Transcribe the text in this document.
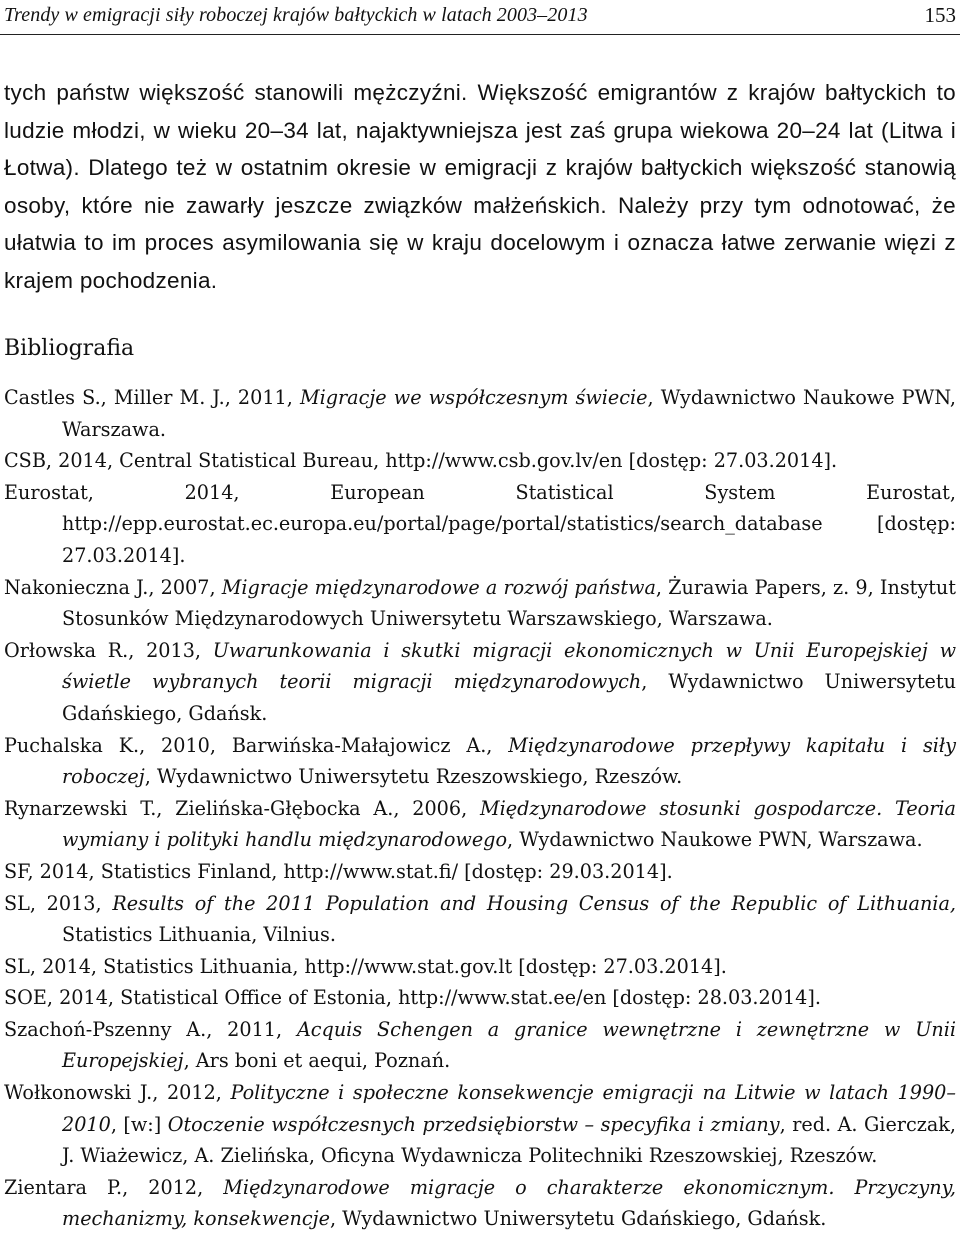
Trendy w emigracji siły roboczej krajów bałtyckich w latach 2003–2013	153

tych państw większość stanowili mężczyźni. Większość emigrantów z krajów bałtyckich to ludzie młodzi, w wieku 20–34 lat, najaktywniejsza jest zaś grupa wiekowa 20–24 lat (Litwa i Łotwa). Dlatego też w ostatnim okresie w emigracji z krajów bałtyckich większość stanowią osoby, które nie zawarły jeszcze związków małżeńskich. Należy przy tym odnotować, że ułatwia to im proces asymilowania się w kraju docelowym i oznacza łatwe zerwanie więzi z krajem pochodzenia.

Bibliografia
Castles S., Miller M. J., 2011, Migracje we współczesnym świecie, Wydawnictwo Naukowe PWN, Warszawa.
CSB, 2014, Central Statistical Bureau, http://www.csb.gov.lv/en [dostęp: 27.03.2014].
Eurostat, 2014, European Statistical System Eurostat, http://epp.eurostat.ec.europa.eu/portal/page/portal/statistics/search_database [dostęp: 27.03.2014].
Nakonieczna J., 2007, Migracje międzynarodowe a rozwój państwa, Żurawia Papers, z. 9, Instytut Stosunków Międzynarodowych Uniwersytetu Warszawskiego, Warszawa.
Orłowska R., 2013, Uwarunkowania i skutki migracji ekonomicznych w Unii Europejskiej w świetle wybranych teorii migracji międzynarodowych, Wydawnictwo Uniwersytetu Gdańskiego, Gdańsk.
Puchalska K., 2010, Barwińska-Małajowicz A., Międzynarodowe przepływy kapitału i siły roboczej, Wydawnictwo Uniwersytetu Rzeszowskiego, Rzeszów.
Rynarzewski T., Zielińska-Głębocka A., 2006, Międzynarodowe stosunki gospodarcze. Teoria wymiany i polityki handlu międzynarodowego, Wydawnictwo Naukowe PWN, Warszawa.
SF, 2014, Statistics Finland, http://www.stat.fi/ [dostęp: 29.03.2014].
SL, 2013, Results of the 2011 Population and Housing Census of the Republic of Lithuania, Statistics Lithuania, Vilnius.
SL, 2014, Statistics Lithuania, http://www.stat.gov.lt [dostęp: 27.03.2014].
SOE, 2014, Statistical Office of Estonia, http://www.stat.ee/en [dostęp: 28.03.2014].
Szachoń-Pszenny A., 2011, Acquis Schengen a granice wewnętrzne i zewnętrzne w Unii Europejskiej, Ars boni et aequi, Poznań.
Wołkonowski J., 2012, Polityczne i społeczne konsekwencje emigracji na Litwie w latach 1990–2010, [w:] Otoczenie współczesnych przedsiębiorstw – specyfika i zmiany, red. A. Gierczak, J. Wiażewicz, A. Zielińska, Oficyna Wydawnicza Politechniki Rzeszowskiej, Rzeszów.
Zientara P., 2012, Międzynarodowe migracje o charakterze ekonomicznym. Przyczyny, mechanizmy, konsekwencje, Wydawnictwo Uniwersytetu Gdańskiego, Gdańsk.
